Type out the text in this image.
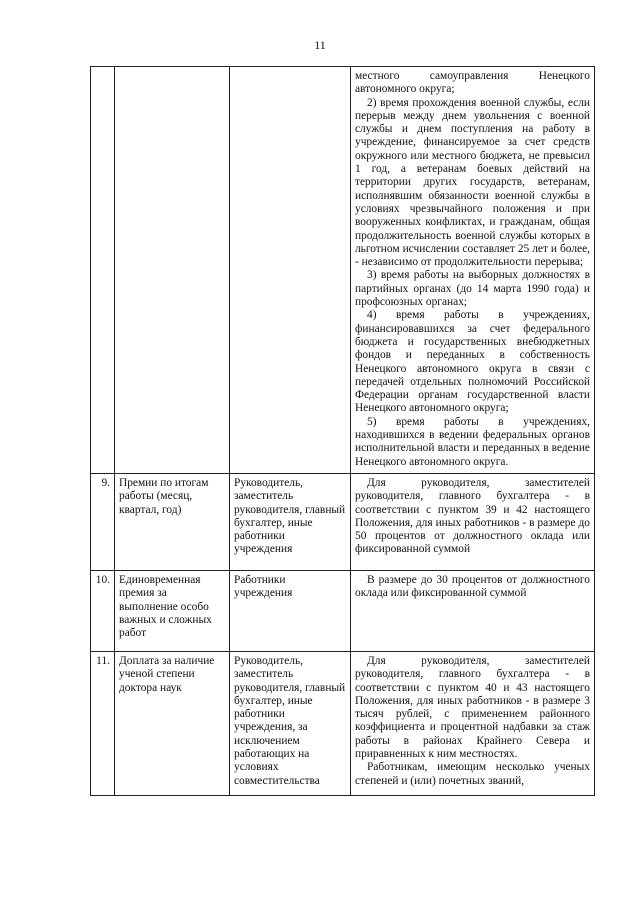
11

			местного самоуправления Ненецкого автономного округа;

2) время прохождения военной службы, если перерыв между днем увольнения с военной службы и днем поступления на работу в учреждение, финансируемое за счет средств окружного или местного бюджета, не превысил 1 год, а ветеранам боевых действий на территории других государств, ветеранам, исполнявшим обязанности военной службы в условиях чрезвычайного положения и при вооруженных конфликтах, и гражданам, общая продолжительность военной службы которых в льготном исчислении составляет 25 лет и более, - независимо от продолжительности перерыва;

3) время работы на выборных должностях в партийных органах (до 14 марта 1990 года) и профсоюзных органах;

4) время работы в учреждениях, финансировавшихся за счет федерального бюджета и государственных внебюджетных фондов и переданных в собственность Ненецкого автономного округа в связи с передачей отдельных полномочий Российской Федерации органам государственной власти Ненецкого автономного округа;

5) время работы в учреждениях, находившихся в ведении федеральных органов исполнительной власти и переданных в ведение Ненецкого автономного округа.

9.	Премии по итогам работы (месяц, квартал, год)	Руководитель, заместитель руководителя, главный бухгалтер, иные работники учреждения	Для руководителя, заместителей руководителя, главного бухгалтера - в соответствии с пунктом 39 и 42 настоящего Положения, для иных работников - в размере до 50 процентов от должностного оклада или фиксированной суммой

10.	Единовременная премия за выполнение особо важных и сложных работ	Работники учреждения	В размере до 30 процентов от должностного оклада или фиксированной суммой

11.	Доплата за наличие ученой степени доктора наук	Руководитель, заместитель руководителя, главный бухгалтер, иные работники учреждения, за исключением работающих на условиях совместительства	Для руководителя, заместителей руководителя, главного бухгалтера - в соответствии с пунктом 40 и 43 настоящего Положения, для иных работников - в размере 3 тысяч рублей, с применением районного коэффициента и процентной надбавки за стаж работы в районах Крайнего Севера и приравненных к ним местностях.

Работникам, имеющим несколько ученых степеней и (или) почетных званий,
